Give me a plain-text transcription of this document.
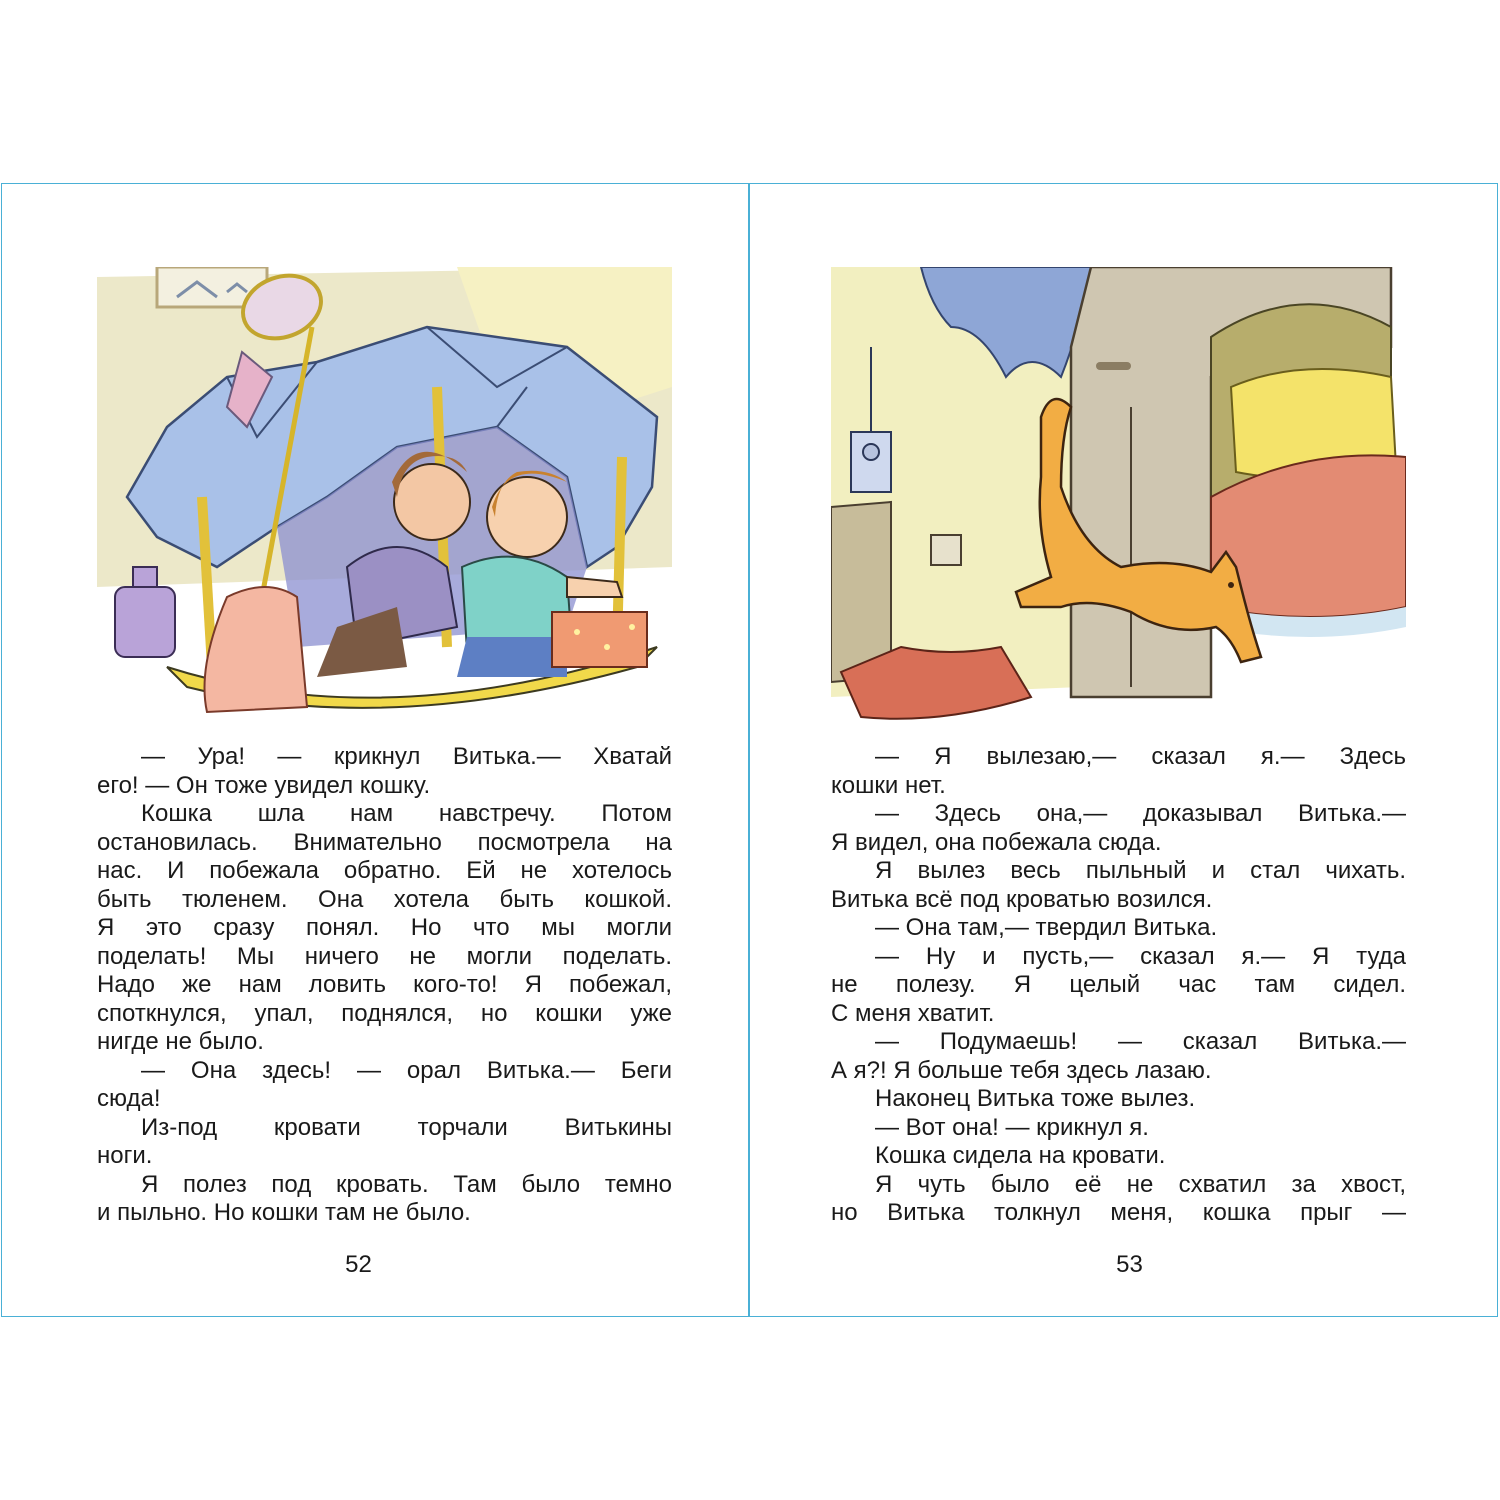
— Ура! — крикнул Витька.— Хватай
его! — Он тоже увидел кошку.
Кошка шла нам навстречу. Потом
остановилась. Внимательно посмотрела на
нас. И побежала обратно. Ей не хотелось
быть тюленем. Она хотела быть кошкой.
Я это сразу понял. Но что мы могли
поделать! Мы ничего не могли поделать.
Надо же нам ловить кого-то! Я побежал,
споткнулся, упал, поднялся, но кошки уже
нигде не было.
— Она здесь! — орал Витька.— Беги
сюда!
Из-под кровати торчали Витькины
ноги.
Я полез под кровать. Там было темно
и пыльно. Но кошки там не было.
52
— Я вылезаю,— сказал я.— Здесь
кошки нет.
— Здесь она,— доказывал Витька.—
Я видел, она побежала сюда.
Я вылез весь пыльный и стал чихать.
Витька всё под кроватью возился.
— Она там,— твердил Витька.
— Ну и пусть,— сказал я.— Я туда
не полезу. Я целый час там сидел.
С меня хватит.
— Подумаешь! — сказал Витька.—
А я?! Я больше тебя здесь лазаю.
Наконец Витька тоже вылез.
— Вот она! — крикнул я.
Кошка сидела на кровати.
Я чуть было её не схватил за хвост,
но Витька толкнул меня, кошка прыг —
53
